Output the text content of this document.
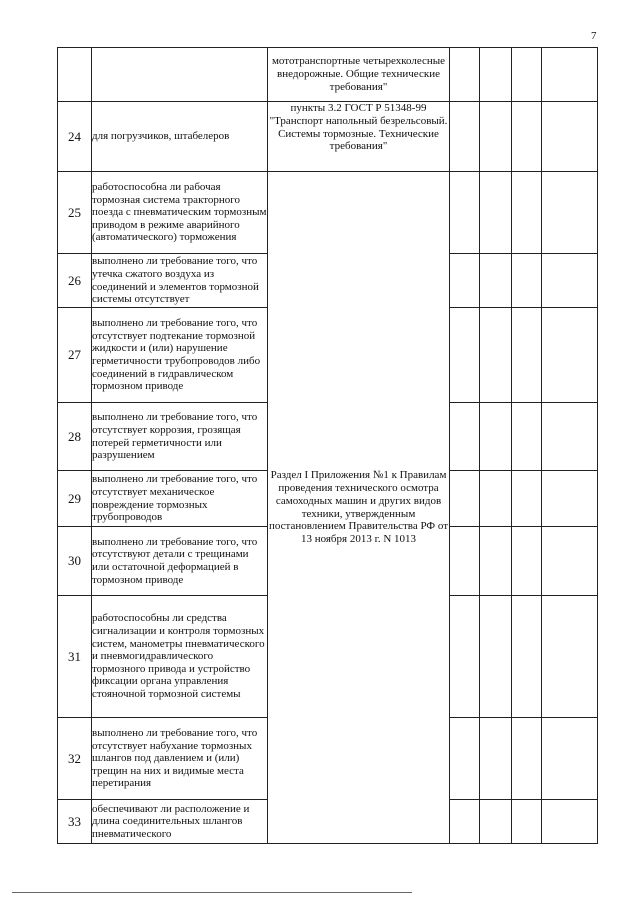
7
		мототранспортные четырехколесные внедорожные. Общие технические требования"					
24	для погрузчиков, штабелеров	пункты 3.2 ГОСТ Р 51348-99 "Транспорт напольный безрельсовый. Системы тормозные. Технические требования"					
25	работоспособна ли рабочая тормозная система тракторного поезда с пневматическим тормозным приводом в режиме аварийного (автоматического) торможения	Раздел I Приложения №1 к Правилам проведения технического осмотра самоходных машин и других видов техники, утвержденным постановлением Правительства РФ от 13 ноября 2013 г. N 1013					
26	выполнено ли требование того, что утечка сжатого воздуха из соединений и элементов тормозной системы отсутствует						
27	выполнено ли требование того, что отсутствует подтекание тормозной жидкости и (или) нарушение герметичности трубопроводов либо соединений в гидравлическом тормозном приводе						
28	выполнено ли требование того, что отсутствует коррозия, грозящая потерей герметичности или разрушением						
29	выполнено ли требование того, что отсутствует механическое повреждение тормозных трубопроводов						
30	выполнено ли требование того, что отсутствуют детали с трещинами или остаточной деформацией в тормозном приводе						
31	работоспособны ли средства сигнализации и контроля тормозных систем, манометры пневматического и пневмогидравлического тормозного привода и устройство фиксации органа управления стояночной тормозной системы						
32	выполнено ли требование того, что отсутствует набухание тормозных шлангов под давлением и (или) трещин на них и видимые места перетирания						
33	обеспечивают ли расположение и длина соединительных шлангов пневматического						
